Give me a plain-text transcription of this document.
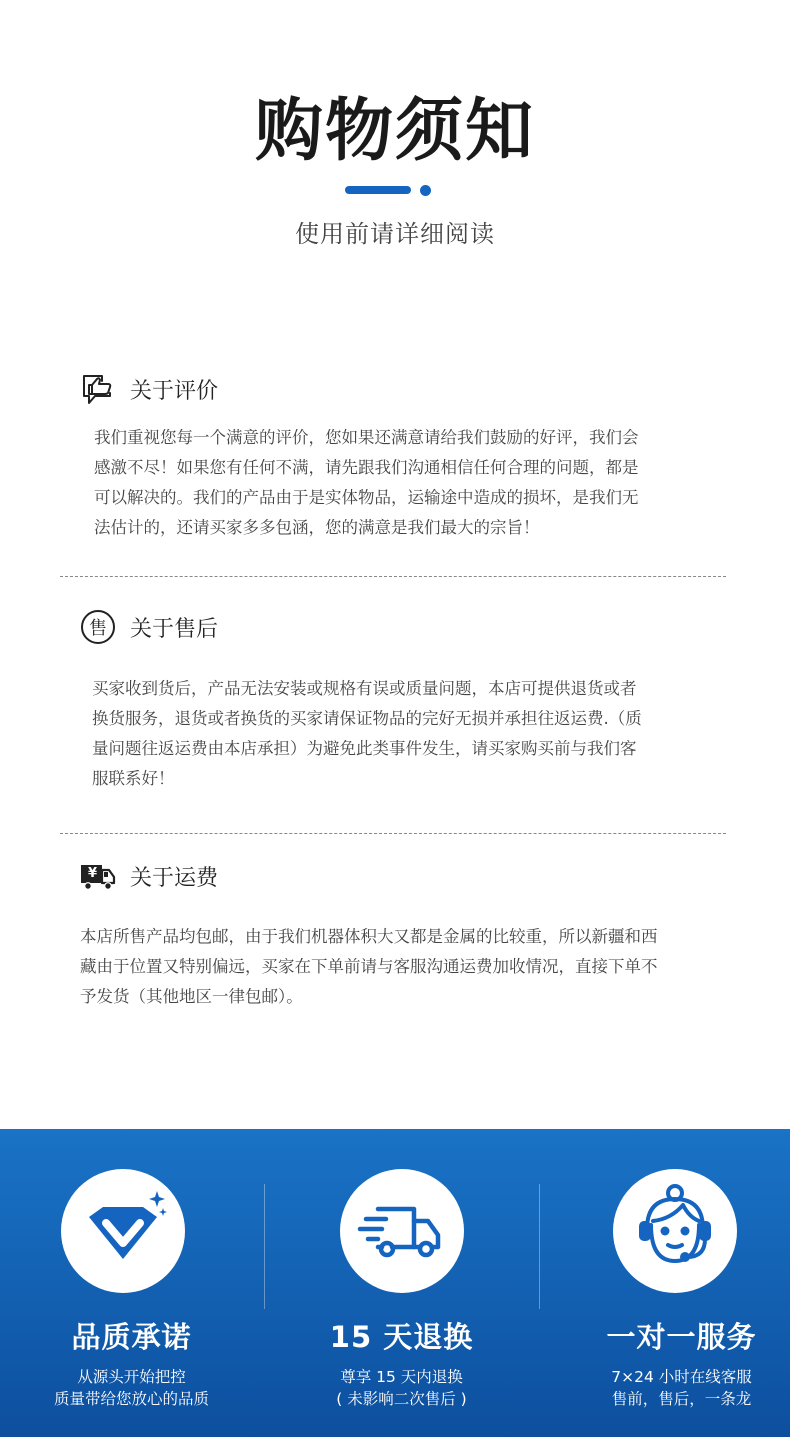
购物须知
使用前请详细阅读
关于评价
我们重视您每一个满意的评价，您如果还满意请给我们鼓励的好评，我们会
感激不尽！如果您有任何不满，请先跟我们沟通相信任何合理的问题，都是
可以解决的。我们的产品由于是实体物品，运输途中造成的损坏，是我们无
法估计的，还请买家多多包涵，您的满意是我们最大的宗旨！
售	关于售后
买家收到货后，产品无法安装或规格有误或质量问题，本店可提供退货或者
换货服务，退货或者换货的买家请保证物品的完好无损并承担往返运费.（质
量问题往返运费由本店承担）为避免此类事件发生，请买家购买前与我们客
服联系好！
¥ 关于运费
本店所售产品均包邮，由于我们机器体积大又都是金属的比较重，所以新疆和西
藏由于位置又特别偏远，买家在下单前请与客服沟通运费加收情况，直接下单不
予发货（其他地区一律包邮）。
品质承诺
从源头开始把控
质量带给您放心的品质
15 天退换
尊享 15 天内退换
( 未影响二次售后 )
一对一服务
7×24 小时在线客服
售前，售后，一条龙
